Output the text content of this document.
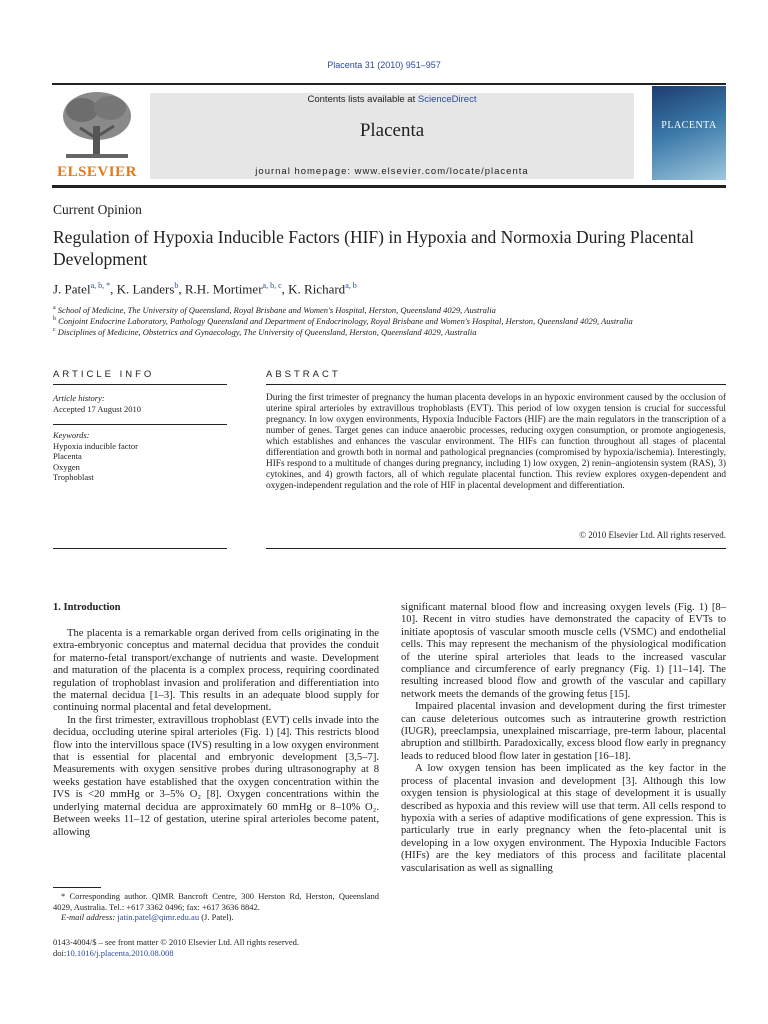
Placenta 31 (2010) 951–957
ELSEVIER
Contents lists available at ScienceDirect
Placenta
journal homepage: www.elsevier.com/locate/placenta
PLACENTA
Current Opinion
Regulation of Hypoxia Inducible Factors (HIF) in Hypoxia and Normoxia During Placental Development
J. Patel$^{a, b, *}$, K. Landers$^b$, R.H. Mortimer$^{a, b, c}$, K. Richard$^{a, b}$
$^a$ School of Medicine, The University of Queensland, Royal Brisbane and Women's Hospital, Herston, Queensland 4029, Australia
$^b$ Conjoint Endocrine Laboratory, Pathology Queensland and Department of Endocrinology, Royal Brisbane and Women's Hospital, Herston, Queensland 4029, Australia
$^c$ Disciplines of Medicine, Obstetrics and Gynaecology, The University of Queensland, Herston, Queensland 4029, Australia
ARTICLE INFO
Article history:
Accepted 17 August 2010
Keywords:
Hypoxia inducible factor
Placenta
Oxygen
Trophoblast
ABSTRACT
During the first trimester of pregnancy the human placenta develops in an hypoxic environment caused by the occlusion of uterine spiral arterioles by extravillous trophoblasts (EVT). This period of low oxygen tension is crucial for successful pregnancy. In low oxygen environments, Hypoxia Inducible Factors (HIF) are the main regulators in the transcription of a number of genes. Target genes can induce anaerobic processes, reducing oxygen consumption, or promote angiogenesis, which establishes and enhances the vascular environment. The HIFs can function throughout all stages of placental differentiation and growth both in normal and pathological pregnancies (compromised by hypoxia/ischemia). Interestingly, HIFs respond to a multitude of changes during pregnancy, including 1) low oxygen, 2) renin–angiotensin system (RAS), 3) cytokines, and 4) growth factors, all of which regulate placental function. This review explores oxygen-dependent and oxygen-independent regulation and the role of HIF in placental development and differentiation.
© 2010 Elsevier Ltd. All rights reserved.
1. Introduction

The placenta is a remarkable organ derived from cells originating in the extra-embryonic conceptus and maternal decidua that provides the conduit for materno-fetal transport/exchange of nutrients and waste. Development and maturation of the placenta is a complex process, requiring coordinated regulation of trophoblast invasion and proliferation and differentiation into the maternal decidua [1–3]. This results in an adequate blood supply for continuing normal placental and fetal development.

In the first trimester, extravillous trophoblast (EVT) cells invade into the decidua, occluding uterine spiral arterioles (Fig. 1) [4]. This restricts blood flow into the intervillous space (IVS) resulting in a low oxygen environment that is essential for placental and embryonic development [3,5–7]. Measurements with oxygen sensitive probes during ultrasonography at 8 weeks gestation have established that the oxygen concentration within the IVS is <20 mmHg or 3–5% O₂ [8]. Oxygen concentrations within the underlying maternal decidua are approximately 60 mmHg or 8–10% O₂. Between weeks 11–12 of gestation, uterine spiral arterioles become patent, allowing

significant maternal blood flow and increasing oxygen levels (Fig. 1) [8–10]. Recent in vitro studies have demonstrated the capacity of EVTs to initiate apoptosis of vascular smooth muscle cells (VSMC) and endothelial cells. This may represent the mechanism of the physiological modification of the uterine spiral arterioles that leads to the increased vascular compliance and circumference of early pregnancy (Fig. 1) [11–14]. The resulting increased blood flow and growth of the vascular and capillary network meets the demands of the growing fetus [15].

Impaired placental invasion and development during the first trimester can cause deleterious outcomes such as intrauterine growth restriction (IUGR), preeclampsia, unexplained miscarriage, pre-term labour, placental abruption and stillbirth. Paradoxically, excess blood flow early in pregnancy leads to reduced blood flow later in gestation [16–18].

A low oxygen tension has been implicated as the key factor in the process of placental invasion and development [3]. Although this low oxygen tension is physiological at this stage of development it is usually described as hypoxia and this review will use that term. All cells respond to hypoxia with a series of adaptive modifications of gene expression. This is particularly true in early pregnancy when the feto-placental unit is developing in a low oxygen environment. The Hypoxia Inducible Factors (HIFs) are the key mediators of this process and facilitate placental vascularisation as well as signalling

* Corresponding author. QIMR Bancroft Centre, 300 Herston Rd, Herston, Queensland 4029, Australia. Tel.: +617 3362 0496; fax: +617 3636 8842.
E-mail address: jatin.patel@qimr.edu.au (J. Patel).
0143-4004/$ – see front matter © 2010 Elsevier Ltd. All rights reserved.
doi:10.1016/j.placenta.2010.08.008
